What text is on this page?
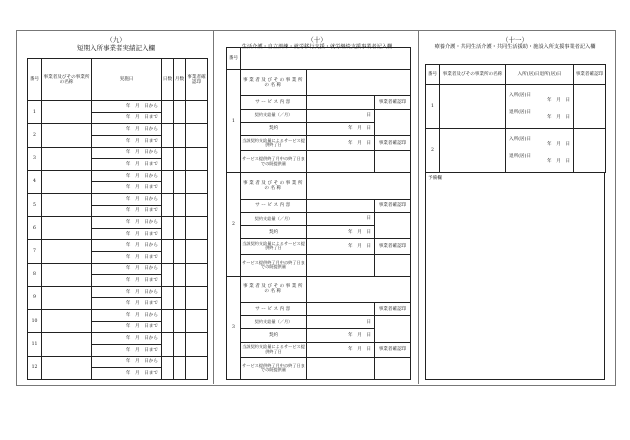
（九）
短期入所事業者実績記入欄
番号	事業者及びその事業所の名称	実施日	日数	月数	事業者確認印
1		年　月　日から			
		年　月　日まで			
2		年　月　日から			
		年　月　日まで			
3		年　月　日から			
		年　月　日まで			
4		年　月　日から			
		年　月　日まで			
5		年　月　日から			
		年　月　日まで			
6		年　月　日から			
		年　月　日まで			
7		年　月　日から			
		年　月　日まで			
8		年　月　日から			
		年　月　日まで			
9		年　月　日から			
		年　月　日まで			
10		年　月　日から			
		年　月　日まで			
11		年　月　日から			
		年　月　日まで			
12		年　月　日から			
		年　月　日まで			
（十）
生活介護・自立訓練・就労移行支援・就労継続支援事業者記入欄
番号			
1	事業者及びその事業所の名称		
	サービス内容		事業者確認印
	契約支給量（／月）	日	
	契約	年　月　日	
	当該契約支給量によるサービス提供終了日	年　月　日	事業者確認印
	サービス提供終了月中の終了日までの既提供量		
2	事業者及びその事業所の名称		
	サービス内容		事業者確認印
	契約支給量（／月）	日	
	契約	年　月　日	
	当該契約支給量によるサービス提供終了日	年　月　日	事業者確認印
	サービス提供終了月中の終了日までの既提供量		
3	事業者及びその事業所の名称		
	サービス内容		事業者確認印
	契約支給量（／月）	日	
	契約	年　月　日	
	当該契約支給量によるサービス提供終了日	年　月　日	事業者確認印
	サービス提供終了月中の終了日までの既提供量		
（十一）
療養介護・共同生活介護・共同生活援助・施設入所支援事業者記入欄
番号	事業者及びその事業所の名称	入所(居)日退所(居)日	事業者確認印
1		入所(居)日
年　月　日
退所(居)日
年　月　日	

2		入所(居)日
年　月　日
退所(居)日
年　月　日	

予備欄
